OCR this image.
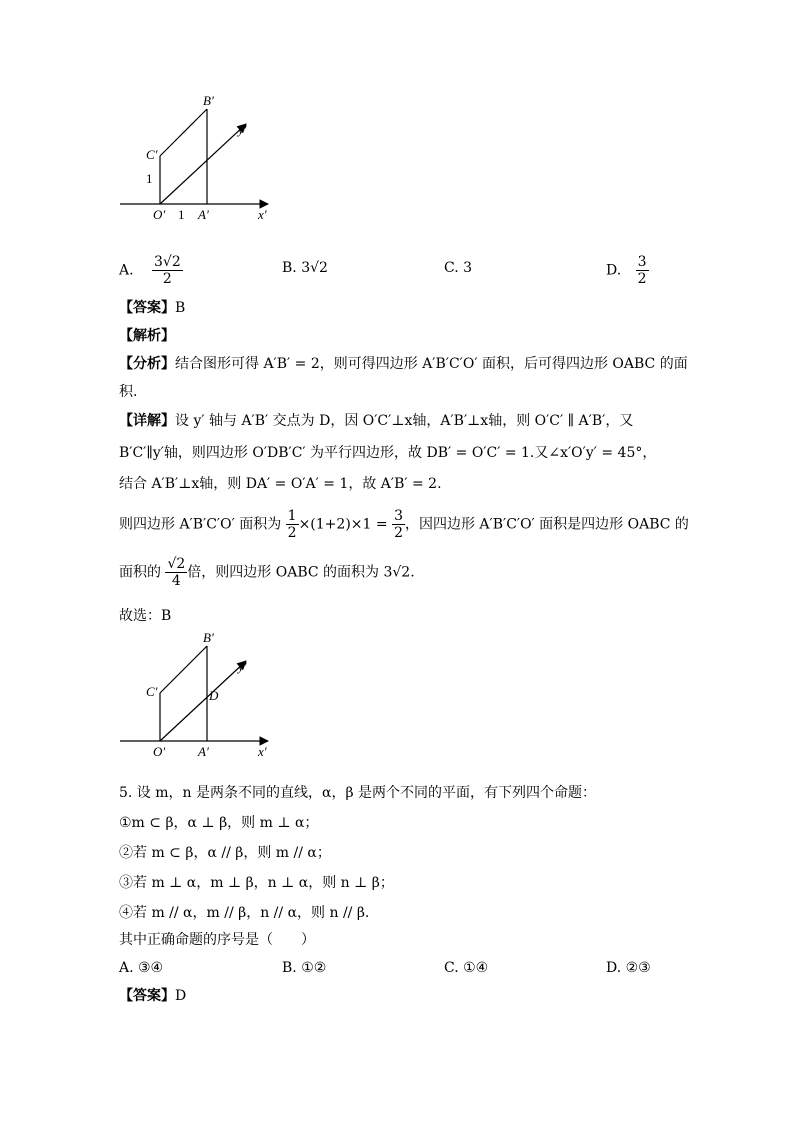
B′
C′
1
O′ 1 A′	x′
y′
A. $\frac{3√2}{2}$	B. 3√2	C. 3	D. $\frac{3}{2}$
【答案】B
【解析】
【分析】结合图形可得 A′B′ = 2，则可得四边形 A′B′C′O′ 面积，后可得四边形 OABC 的面
积.
【详解】设 y′ 轴与 A′B′ 交点为 D，因 O′C′⊥x轴，A′B′⊥x轴，则 O′C′ ∥ A′B′，又
B′C′∥y′轴，则四边形 O′DB′C′ 为平行四边形，故 DB′ = O′C′ = 1.又∠x′O′y′ = 45°，
结合 A′B′⊥x轴，则 DA′ = O′A′ = 1，故 A′B′ = 2.
则四边形 A′B′C′O′ 面积为 $\frac{1}{2} \times(1+2)\times 1 = \frac{3}{2}$ ，因四边形 A′B′C′O′ 面积是四边形 OABC 的
面积的 $\frac{√2}{4}$ 倍，则四边形 OABC 的面积为 3√2.
故选：B
B′
C′	D
O′	A′	x′
y′
5. 设 m，n 是两条不同的直线，α，β 是两个不同的平面，有下列四个命题：
①m ⊂ β，α ⊥ β，则 m ⊥ α；
②若 m ⊂ β，α // β，则 m // α；
③若 m ⊥ α，m ⊥ β，n ⊥ α，则 n ⊥ β；
④若 m // α，m // β，n // α，则 n // β.
其中正确命题的序号是（　　）
A. ③④	B. ①②	C. ①④	D. ②③
【答案】D
